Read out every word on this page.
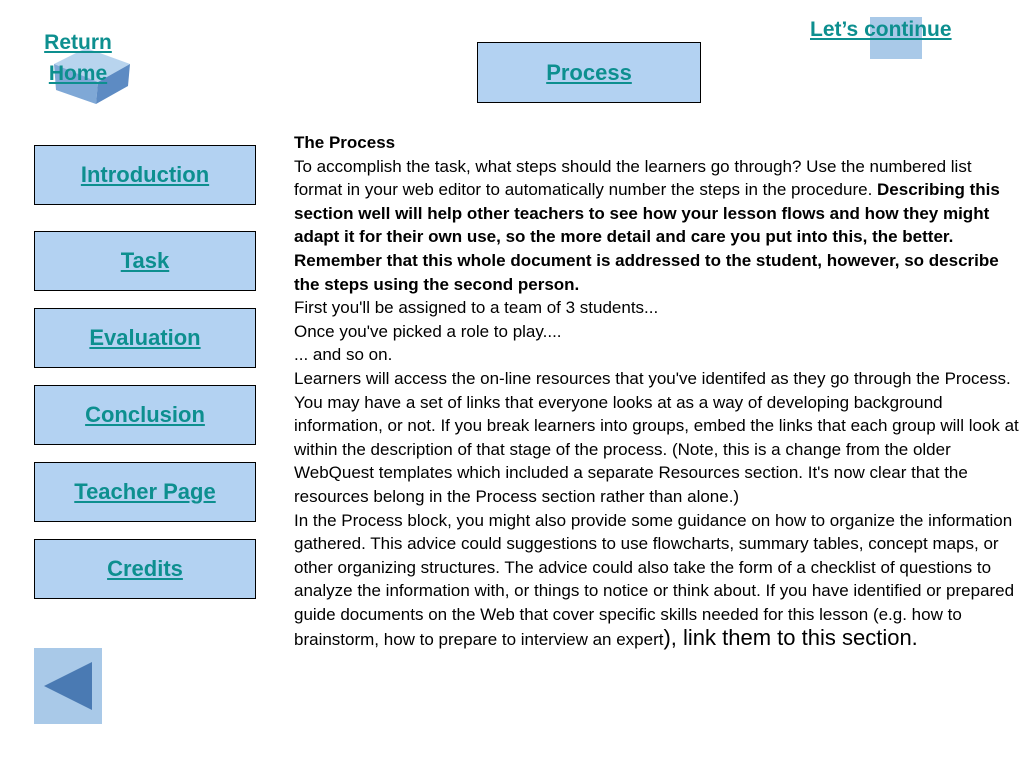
Return
Home
Let’s continue
Process
Introduction
Task
Evaluation
Conclusion
Teacher Page
Credits

The Process

To accomplish the task, what steps should the learners go through? Use the numbered list format in your web editor to automatically number the steps in the procedure. Describing this section well will help other teachers to see how your lesson flows and how they might adapt it for their own use, so the more detail and care you put into this, the better. Remember that this whole document is addressed to the student, however, so describe the steps using the second person.

First you'll be assigned to a team of 3 students...

Once you've picked a role to play....

... and so on.

Learners will access the on-line resources that you've identifed as they go through the Process. You may have a set of links that everyone looks at as a way of developing background information, or not. If you break learners into groups, embed the links that each group will look at within the description of that stage of the process. (Note, this is a change from the older WebQuest templates which included a separate Resources section. It's now clear that the resources belong in the Process section rather than alone.)

In the Process block, you might also provide some guidance on how to organize the information gathered. This advice could suggestions to use flowcharts, summary tables, concept maps, or other organizing structures. The advice could also take the form of a checklist of questions to analyze the information with, or things to notice or think about. If you have identified or prepared guide documents on the Web that cover specific skills needed for this lesson (e.g. how to brainstorm, how to prepare to interview an expert), link them to this section.
